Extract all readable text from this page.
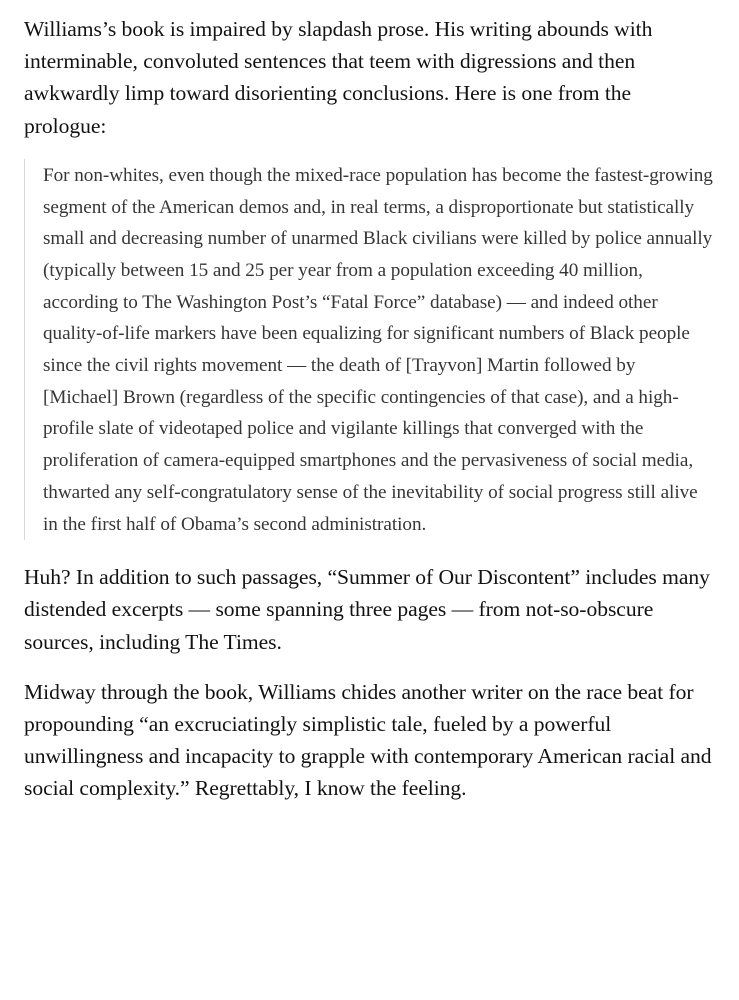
Williams’s book is impaired by slapdash prose. His writing abounds with interminable, convoluted sentences that teem with digressions and then awkwardly limp toward disorienting conclusions. Here is one from the prologue:

For non-whites, even though the mixed-race population has become the fastest-growing segment of the American demos and, in real terms, a disproportionate but statistically small and decreasing number of unarmed Black civilians were killed by police annually (typically between 15 and 25 per year from a population exceeding 40 million, according to The Washington Post’s “Fatal Force” database) — and indeed other quality-of-life markers have been equalizing for significant numbers of Black people since the civil rights movement — the death of [Trayvon] Martin followed by [Michael] Brown (regardless of the specific contingencies of that case), and a high-profile slate of videotaped police and vigilante killings that converged with the proliferation of camera-equipped smartphones and the pervasiveness of social media, thwarted any self-congratulatory sense of the inevitability of social progress still alive in the first half of Obama’s second administration.

Huh? In addition to such passages, “Summer of Our Discontent” includes many distended excerpts — some spanning three pages — from not-so-obscure sources, including The Times.

Midway through the book, Williams chides another writer on the race beat for propounding “an excruciatingly simplistic tale, fueled by a powerful unwillingness and incapacity to grapple with contemporary American racial and social complexity.” Regrettably, I know the feeling.
